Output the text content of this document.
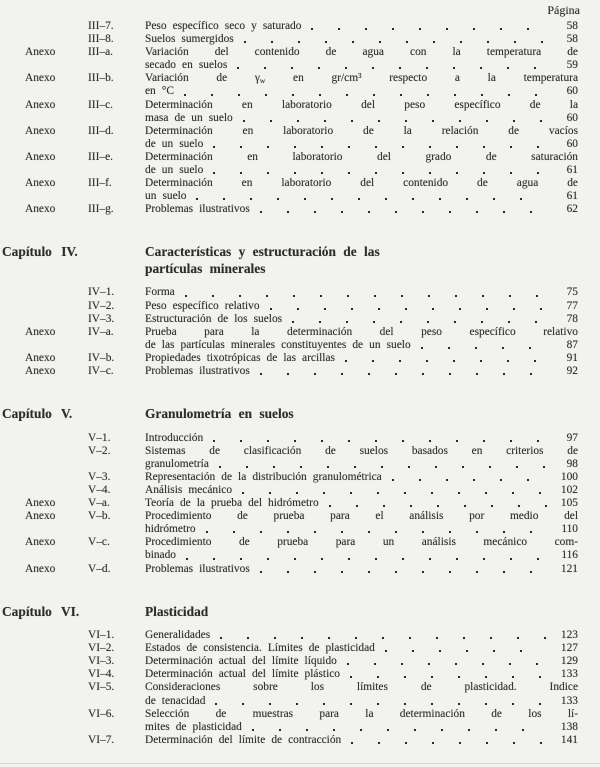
Página
III–7.	Peso específico seco y saturado	58
III–8.	Suelos sumergidos	58
Anexo	III–a.	Variación del contenido de agua con la temperatura de
secado en suelos	59
Anexo	III–b.	Variación de $\gamma_w$ en gr/cm³ respecto a la temperatura
en °C	60
Anexo	III–c.	Determinación en laboratorio del peso específico de la
masa de un suelo	60
Anexo	III–d.	Determinación en laboratorio de la relación de vacíos
de un suelo	60
Anexo	III–e.	Determinación en laboratorio del grado de saturación
de un suelo	61
Anexo	III–f.	Determinación en laboratorio del contenido de agua de
un suelo	61
Anexo	III–g.	Problemas ilustrativos	62
Capítulo IV.	Características y estructuración de las
partículas minerales
IV–1.	Forma	75
IV–2.	Peso específico relativo	77
IV–3.	Estructuración de los suelos	78
Anexo	IV–a.	Prueba para la determinación del peso específico relativo
de las partículas minerales constituyentes de un suelo	87
Anexo	IV–b.	Propiedades tixotrópicas de las arcillas	91
Anexo	IV–c.	Problemas ilustrativos	92
Capítulo V.	Granulometría en suelos
V–1.	Introducción	97
V–2.	Sistemas de clasificación de suelos basados en criterios de
granulometría	98
V–3.	Representación de la distribución granulométrica	100
V–4.	Análisis mecánico	102
Anexo	V–a.	Teoría de la prueba del hidrómetro	105
Anexo	V–b.	Procedimiento de prueba para el análisis por medio del
hidrómetro	110
Anexo	V–c.	Procedimiento de prueba para un análisis mecánico com-
binado	116
Anexo	V–d.	Problemas ilustrativos	121
Capítulo VI.	Plasticidad
VI–1.	Generalidades	123
VI–2.	Estados de consistencia. Límites de plasticidad	127
VI–3.	Determinación actual del límite líquido	129
VI–4.	Determinación actual del límite plástico	133
VI–5.	Consideraciones sobre los límites de plasticidad. Indice
de tenacidad	133
VI–6.	Selección de muestras para la determinación de los lí-
mites de plasticidad	138
VI–7.	Determinación del límite de contracción	141
